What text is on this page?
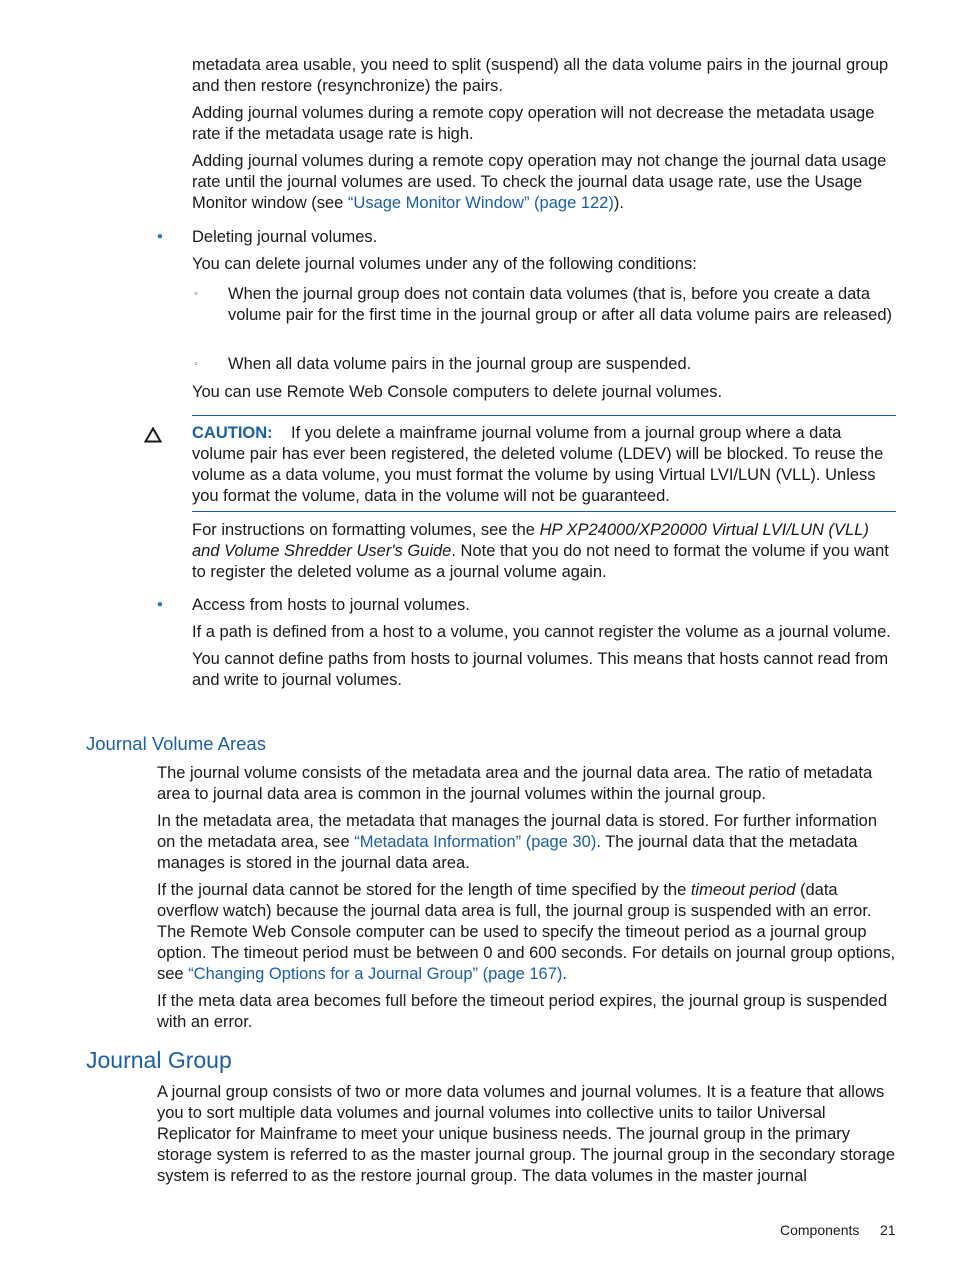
metadata area usable, you need to split (suspend) all the data volume pairs in the journal group and then restore (resynchronize) the pairs.

Adding journal volumes during a remote copy operation will not decrease the metadata usage rate if the metadata usage rate is high.

Adding journal volumes during a remote copy operation may not change the journal data usage rate until the journal volumes are used. To check the journal data usage rate, use the Usage Monitor window (see “Usage Monitor Window” (page 122)).

• Deleting journal volumes.

You can delete journal volumes under any of the following conditions:

◦ When the journal group does not contain data volumes (that is, before you create a data volume pair for the first time in the journal group or after all data volume pairs are released)

◦ When all data volume pairs in the journal group are suspended.

You can use Remote Web Console computers to delete journal volumes.

CAUTION: If you delete a mainframe journal volume from a journal group where a data volume pair has ever been registered, the deleted volume (LDEV) will be blocked. To reuse the volume as a data volume, you must format the volume by using Virtual LVI/LUN (VLL). Unless you format the volume, data in the volume will not be guaranteed.

For instructions on formatting volumes, see the HP XP24000/XP20000 Virtual LVI/LUN (VLL) and Volume Shredder User's Guide. Note that you do not need to format the volume if you want to register the deleted volume as a journal volume again.

• Access from hosts to journal volumes.

If a path is defined from a host to a volume, you cannot register the volume as a journal volume.

You cannot define paths from hosts to journal volumes. This means that hosts cannot read from and write to journal volumes.

Journal Volume Areas

The journal volume consists of the metadata area and the journal data area. The ratio of metadata area to journal data area is common in the journal volumes within the journal group.

In the metadata area, the metadata that manages the journal data is stored. For further information on the metadata area, see “Metadata Information” (page 30). The journal data that the metadata manages is stored in the journal data area.

If the journal data cannot be stored for the length of time specified by the timeout period (data overflow watch) because the journal data area is full, the journal group is suspended with an error. The Remote Web Console computer can be used to specify the timeout period as a journal group option. The timeout period must be between 0 and 600 seconds. For details on journal group options, see “Changing Options for a Journal Group” (page 167).

If the meta data area becomes full before the timeout period expires, the journal group is suspended with an error.

Journal Group

A journal group consists of two or more data volumes and journal volumes. It is a feature that allows you to sort multiple data volumes and journal volumes into collective units to tailor Universal Replicator for Mainframe to meet your unique business needs. The journal group in the primary storage system is referred to as the master journal group. The journal group in the secondary storage system is referred to as the restore journal group. The data volumes in the master journal

Components 21
